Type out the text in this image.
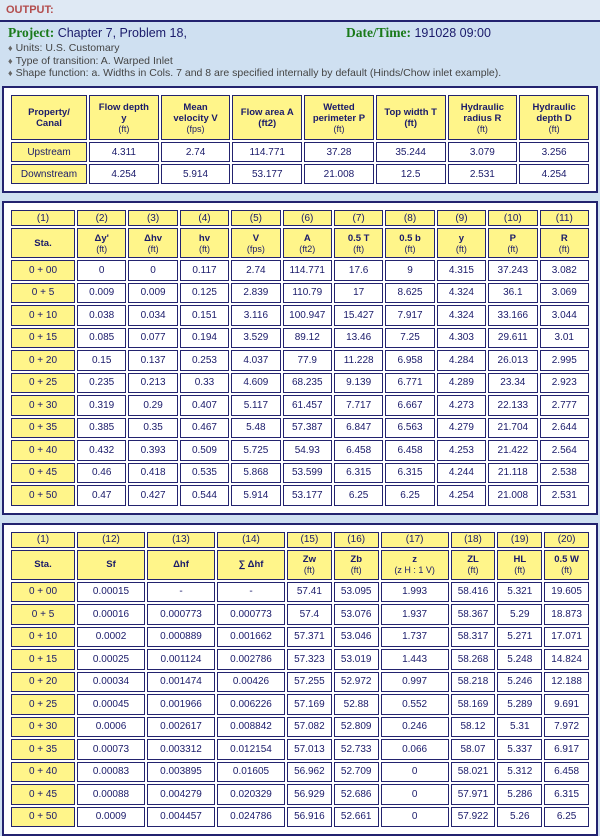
OUTPUT:
Project: Chapter 7, Problem 18,	Date/Time: 191028 09:00
♦ Units: U.S. Customary
♦ Type of transition: A. Warped Inlet
♦ Shape function: a. Widths in Cols. 7 and 8 are specified internally by default (Hinds/Chow inlet example).
Property/
Canal	Flow depth
y
(ft)	Mean
velocity V
(fps)	Flow area A
(ft2)	Wetted
perimeter P
(ft)	Top width T
(ft)	Hydraulic
radius R
(ft)	Hydraulic
depth D
(ft)

Upstream	4.311	2.74	114.771	37.28	35.244	3.079	3.256
Downstream	4.254	5.914	53.177	21.008	12.5	2.531	4.254
(1)	(2)	(3)	(4)	(5)	(6)	(7)	(8)	(9)	(10)	(11)

Sta.	Δy'
(ft)	Δhv
(ft)	hv
(ft)	V
(fps)	A
(ft2)	0.5 T
(ft)	0.5 b
(ft)	y
(ft)	P
(ft)	R
(ft)

0 + 00	0	0	0.117	2.74	114.771	17.6	9	4.315	37.243	3.082
0 + 5	0.009	0.009	0.125	2.839	110.79	17	8.625	4.324	36.1	3.069
0 + 10	0.038	0.034	0.151	3.116	100.947	15.427	7.917	4.324	33.166	3.044
0 + 15	0.085	0.077	0.194	3.529	89.12	13.46	7.25	4.303	29.611	3.01
0 + 20	0.15	0.137	0.253	4.037	77.9	11.228	6.958	4.284	26.013	2.995
0 + 25	0.235	0.213	0.33	4.609	68.235	9.139	6.771	4.289	23.34	2.923
0 + 30	0.319	0.29	0.407	5.117	61.457	7.717	6.667	4.273	22.133	2.777
0 + 35	0.385	0.35	0.467	5.48	57.387	6.847	6.563	4.279	21.704	2.644
0 + 40	0.432	0.393	0.509	5.725	54.93	6.458	6.458	4.253	21.422	2.564
0 + 45	0.46	0.418	0.535	5.868	53.599	6.315	6.315	4.244	21.118	2.538
0 + 50	0.47	0.427	0.544	5.914	53.177	6.25	6.25	4.254	21.008	2.531
(1)	(12)	(13)	(14)	(15)	(16)	(17)	(18)	(19)	(20)

Sta.	Sf	Δhf	∑ Δhf	Zw
(ft)	Zb
(ft)	z
(z H : 1 V)	ZL
(ft)	HL
(ft)	0.5 W
(ft)

0 + 00	0.00015	-	-	57.41	53.095	1.993	58.416	5.321	19.605
0 + 5	0.00016	0.000773	0.000773	57.4	53.076	1.937	58.367	5.29	18.873
0 + 10	0.0002	0.000889	0.001662	57.371	53.046	1.737	58.317	5.271	17.071
0 + 15	0.00025	0.001124	0.002786	57.323	53.019	1.443	58.268	5.248	14.824
0 + 20	0.00034	0.001474	0.00426	57.255	52.972	0.997	58.218	5.246	12.188
0 + 25	0.00045	0.001966	0.006226	57.169	52.88	0.552	58.169	5.289	9.691
0 + 30	0.0006	0.002617	0.008842	57.082	52.809	0.246	58.12	5.31	7.972
0 + 35	0.00073	0.003312	0.012154	57.013	52.733	0.066	58.07	5.337	6.917
0 + 40	0.00083	0.003895	0.01605	56.962	52.709	0	58.021	5.312	6.458
0 + 45	0.00088	0.004279	0.020329	56.929	52.686	0	57.971	5.286	6.315
0 + 50	0.0009	0.004457	0.024786	56.916	52.661	0	57.922	5.26	6.25
